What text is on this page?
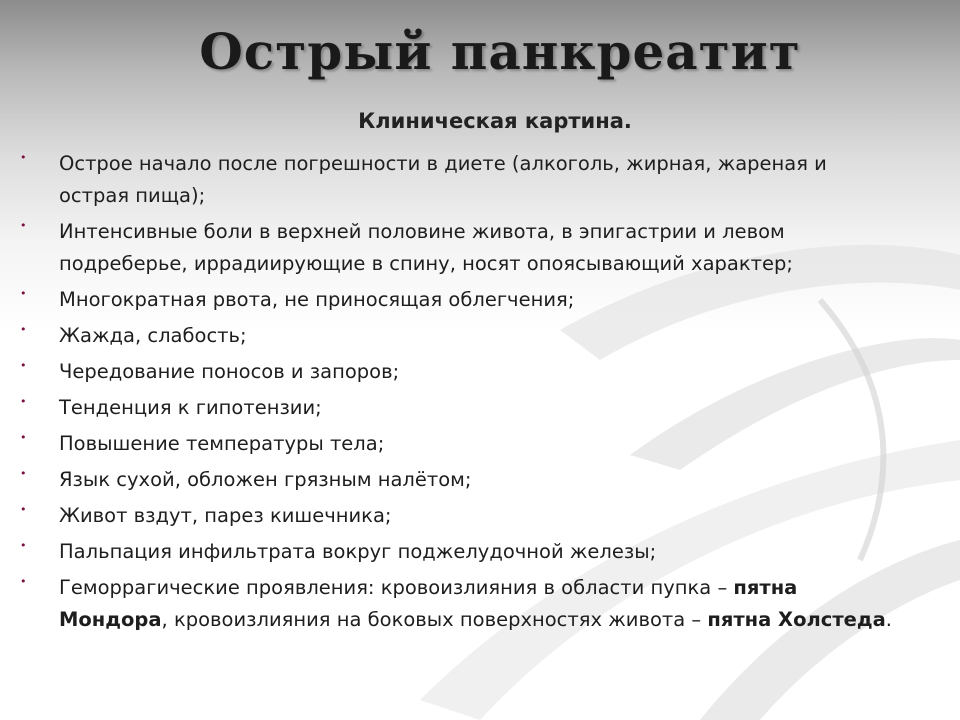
Острый панкреатит
Клиническая картина.
• Острое начало после погрешности в диете (алкоголь, жирная, жареная и острая пища);
• Интенсивные боли в верхней половине живота, в эпигастрии и левом подреберье, иррадиирующие в спину, носят опоясывающий характер;
• Многократная рвота, не приносящая облегчения;
• Жажда, слабость;
• Чередование поносов и запоров;
• Тенденция к гипотензии;
• Повышение температуры тела;
• Язык сухой, обложен грязным налётом;
• Живот вздут, парез кишечника;
• Пальпация инфильтрата вокруг поджелудочной железы;
• Геморрагические проявления: кровоизлияния в области пупка – пятна Мондора, кровоизлияния на боковых поверхностях живота – пятна Холстеда.
